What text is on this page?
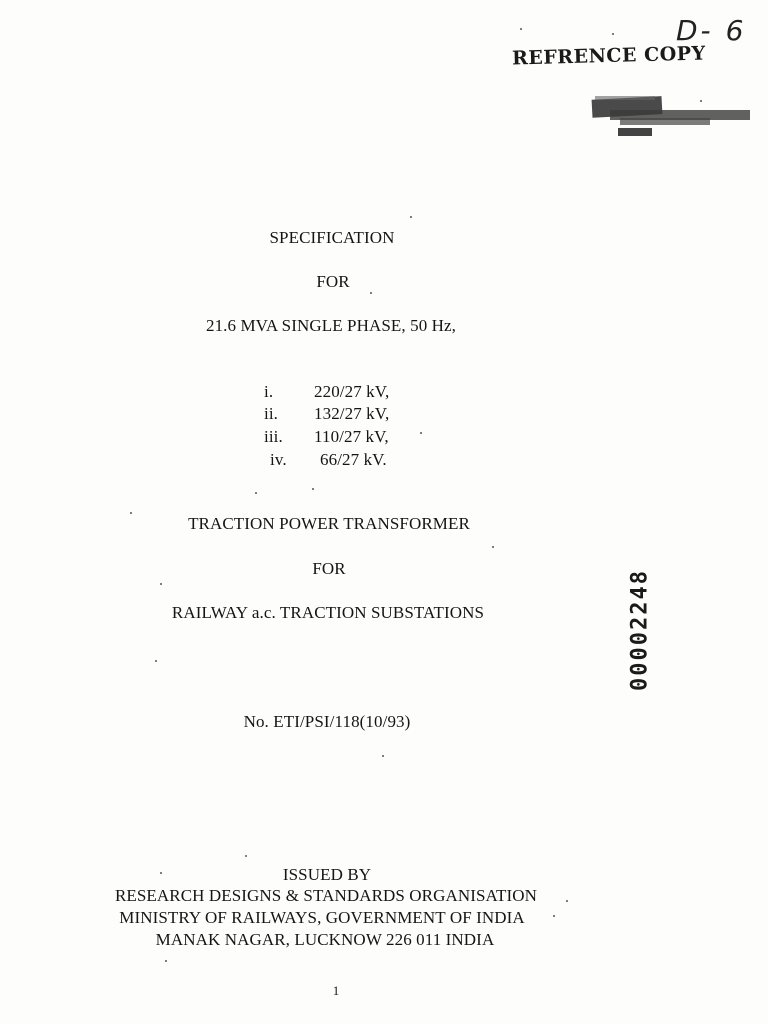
D- 6
REFRENCE COPY
SPECIFICATION
FOR
21.6 MVA SINGLE PHASE, 50 Hz,
i. 220/27 kV,
ii. 132/27 kV,
iii. 110/27 kV,
iv. 66/27 kV.
TRACTION POWER TRANSFORMER
FOR
RAILWAY a.c. TRACTION SUBSTATIONS	00002248
No. ETI/PSI/118(10/93)
ISSUED BY
RESEARCH DESIGNS & STANDARDS ORGANISATION
MINISTRY OF RAILWAYS, GOVERNMENT OF INDIA
MANAK NAGAR, LUCKNOW 226 011 INDIA
1
